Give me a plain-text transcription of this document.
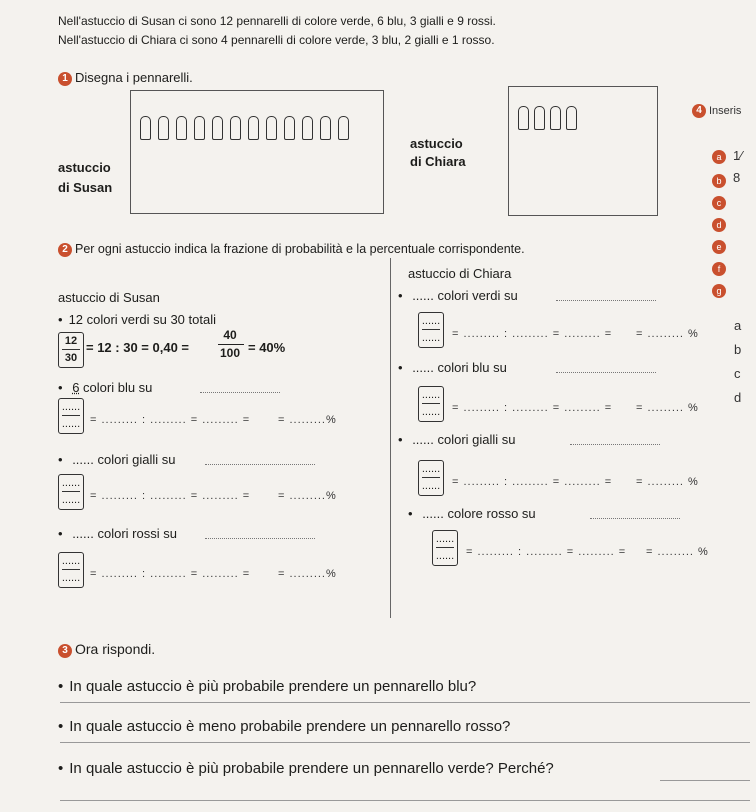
Nell'astuccio di Susan ci sono 12 pennarelli di colore verde, 6 blu, 3 gialli e 9 rossi.
Nell'astuccio di Chiara ci sono 4 pennarelli di colore verde, 3 blu, 2 gialli e 1 rosso.
1 Disegna i pennarelli.
astuccio
di Susan
astuccio
di Chiara
4 Inseris
a 1∕
b 8
c
d
e
f
g
a
b
c
d
2 Per ogni astuccio indica la frazione di probabilità e la percentuale corrispondente.
astuccio di Susan
• 12 colori verdi su 30 totali
12
30
= 12 : 30 = 0,40 =
40
100 = 40%
• 6 colori blu su
......
...... = ......... : ......... = ......... =	= .........%
• ...... colori gialli su
......
...... = ......... : ......... = ......... =	= .........%
• ...... colori rossi su
......
...... = ......... : ......... = ......... =	= .........%
astuccio di Chiara
• ...... colori verdi su
......
...... = ......... : ......... = ......... = = ......... %
• ...... colori blu su
......
...... = ......... : ......... = ......... = = ......... %
• ...... colori gialli su
......
...... = ......... : ......... = ......... = = ......... %
• ...... colore rosso su
......
...... = ......... : ......... = ......... = = ......... %
3 Ora rispondi.
• In quale astuccio è più probabile prendere un pennarello blu?
• In quale astuccio è meno probabile prendere un pennarello rosso?
• In quale astuccio è più probabile prendere un pennarello verde? Perché?
